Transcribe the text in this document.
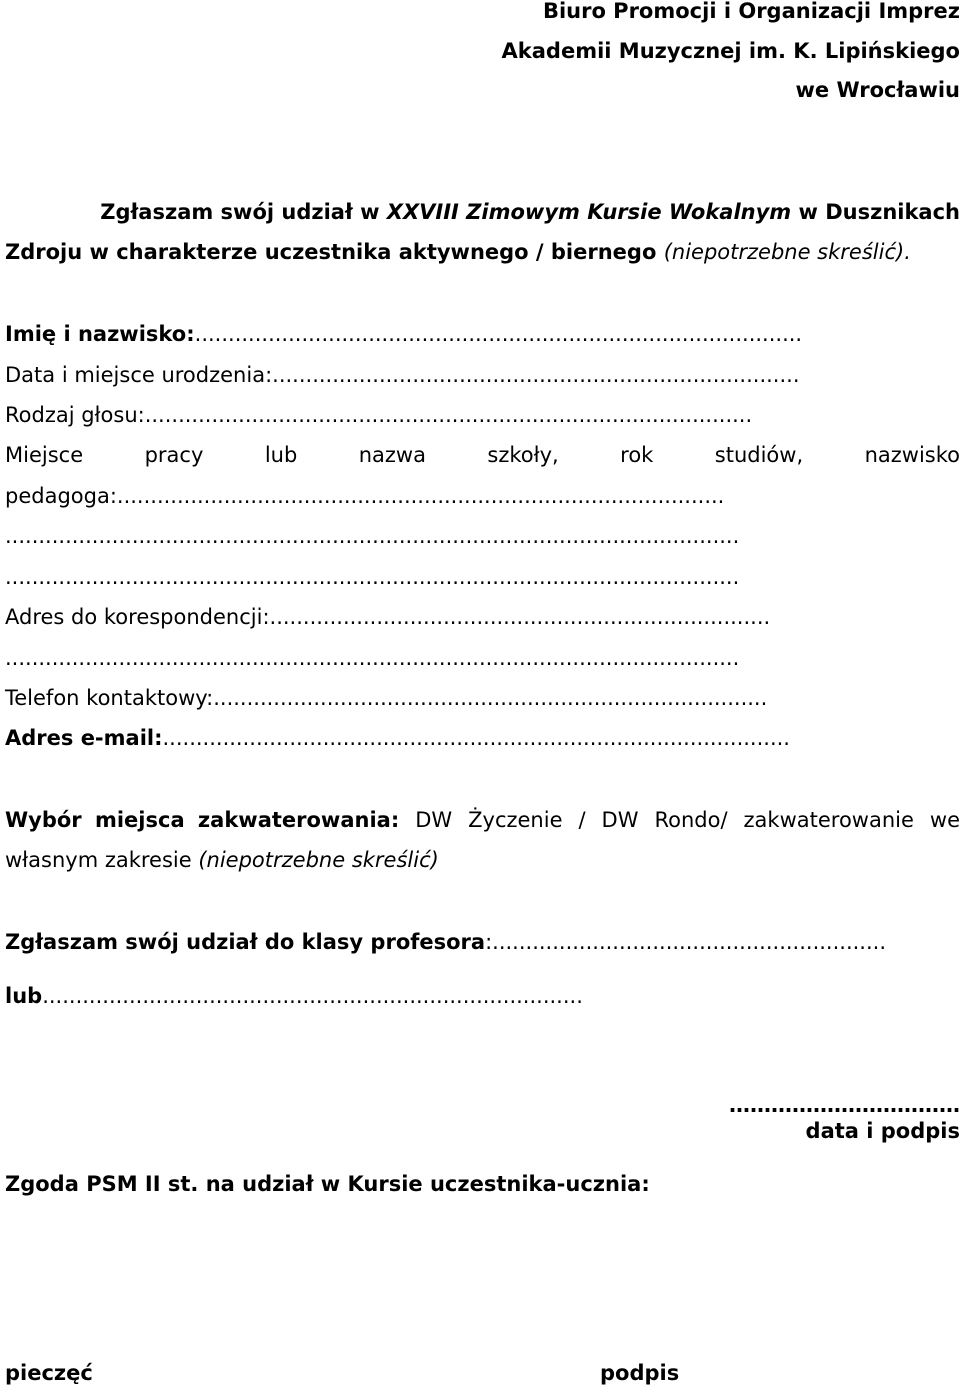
Biuro Promocji i Organizacji Imprez
Akademii Muzycznej im. K. Lipińskiego
we Wrocławiu
Zgłaszam swój udział w XXVIII Zimowym Kursie Wokalnym w Dusznikach
Zdroju w charakterze uczestnika aktywnego / biernego (niepotrzebne skreślić).
Imię i nazwisko:...........................................................................................
Data i miejsce urodzenia:...............................................................................
Rodzaj głosu:...........................................................................................
Miejsce	pracy	lub	nazwa	szkoły,	rok	studiów,	nazwisko
pedagoga:...........................................................................................
..............................................................................................................
..............................................................................................................
Adres do korespondencji:...........................................................................
..............................................................................................................
Telefon kontaktowy:...................................................................................
Adres e-mail:..............................................................................................
Wybór miejsca zakwaterowania: DW Życzenie / DW Rondo/ zakwaterowanie we
własnym zakresie (niepotrzebne skreślić)
Zgłaszam swój udział do klasy profesora:...........................................................
lub.................................................................................
……………………………
data i podpis
Zgoda PSM II st. na udział w Kursie uczestnika-ucznia:
pieczęć	podpis
